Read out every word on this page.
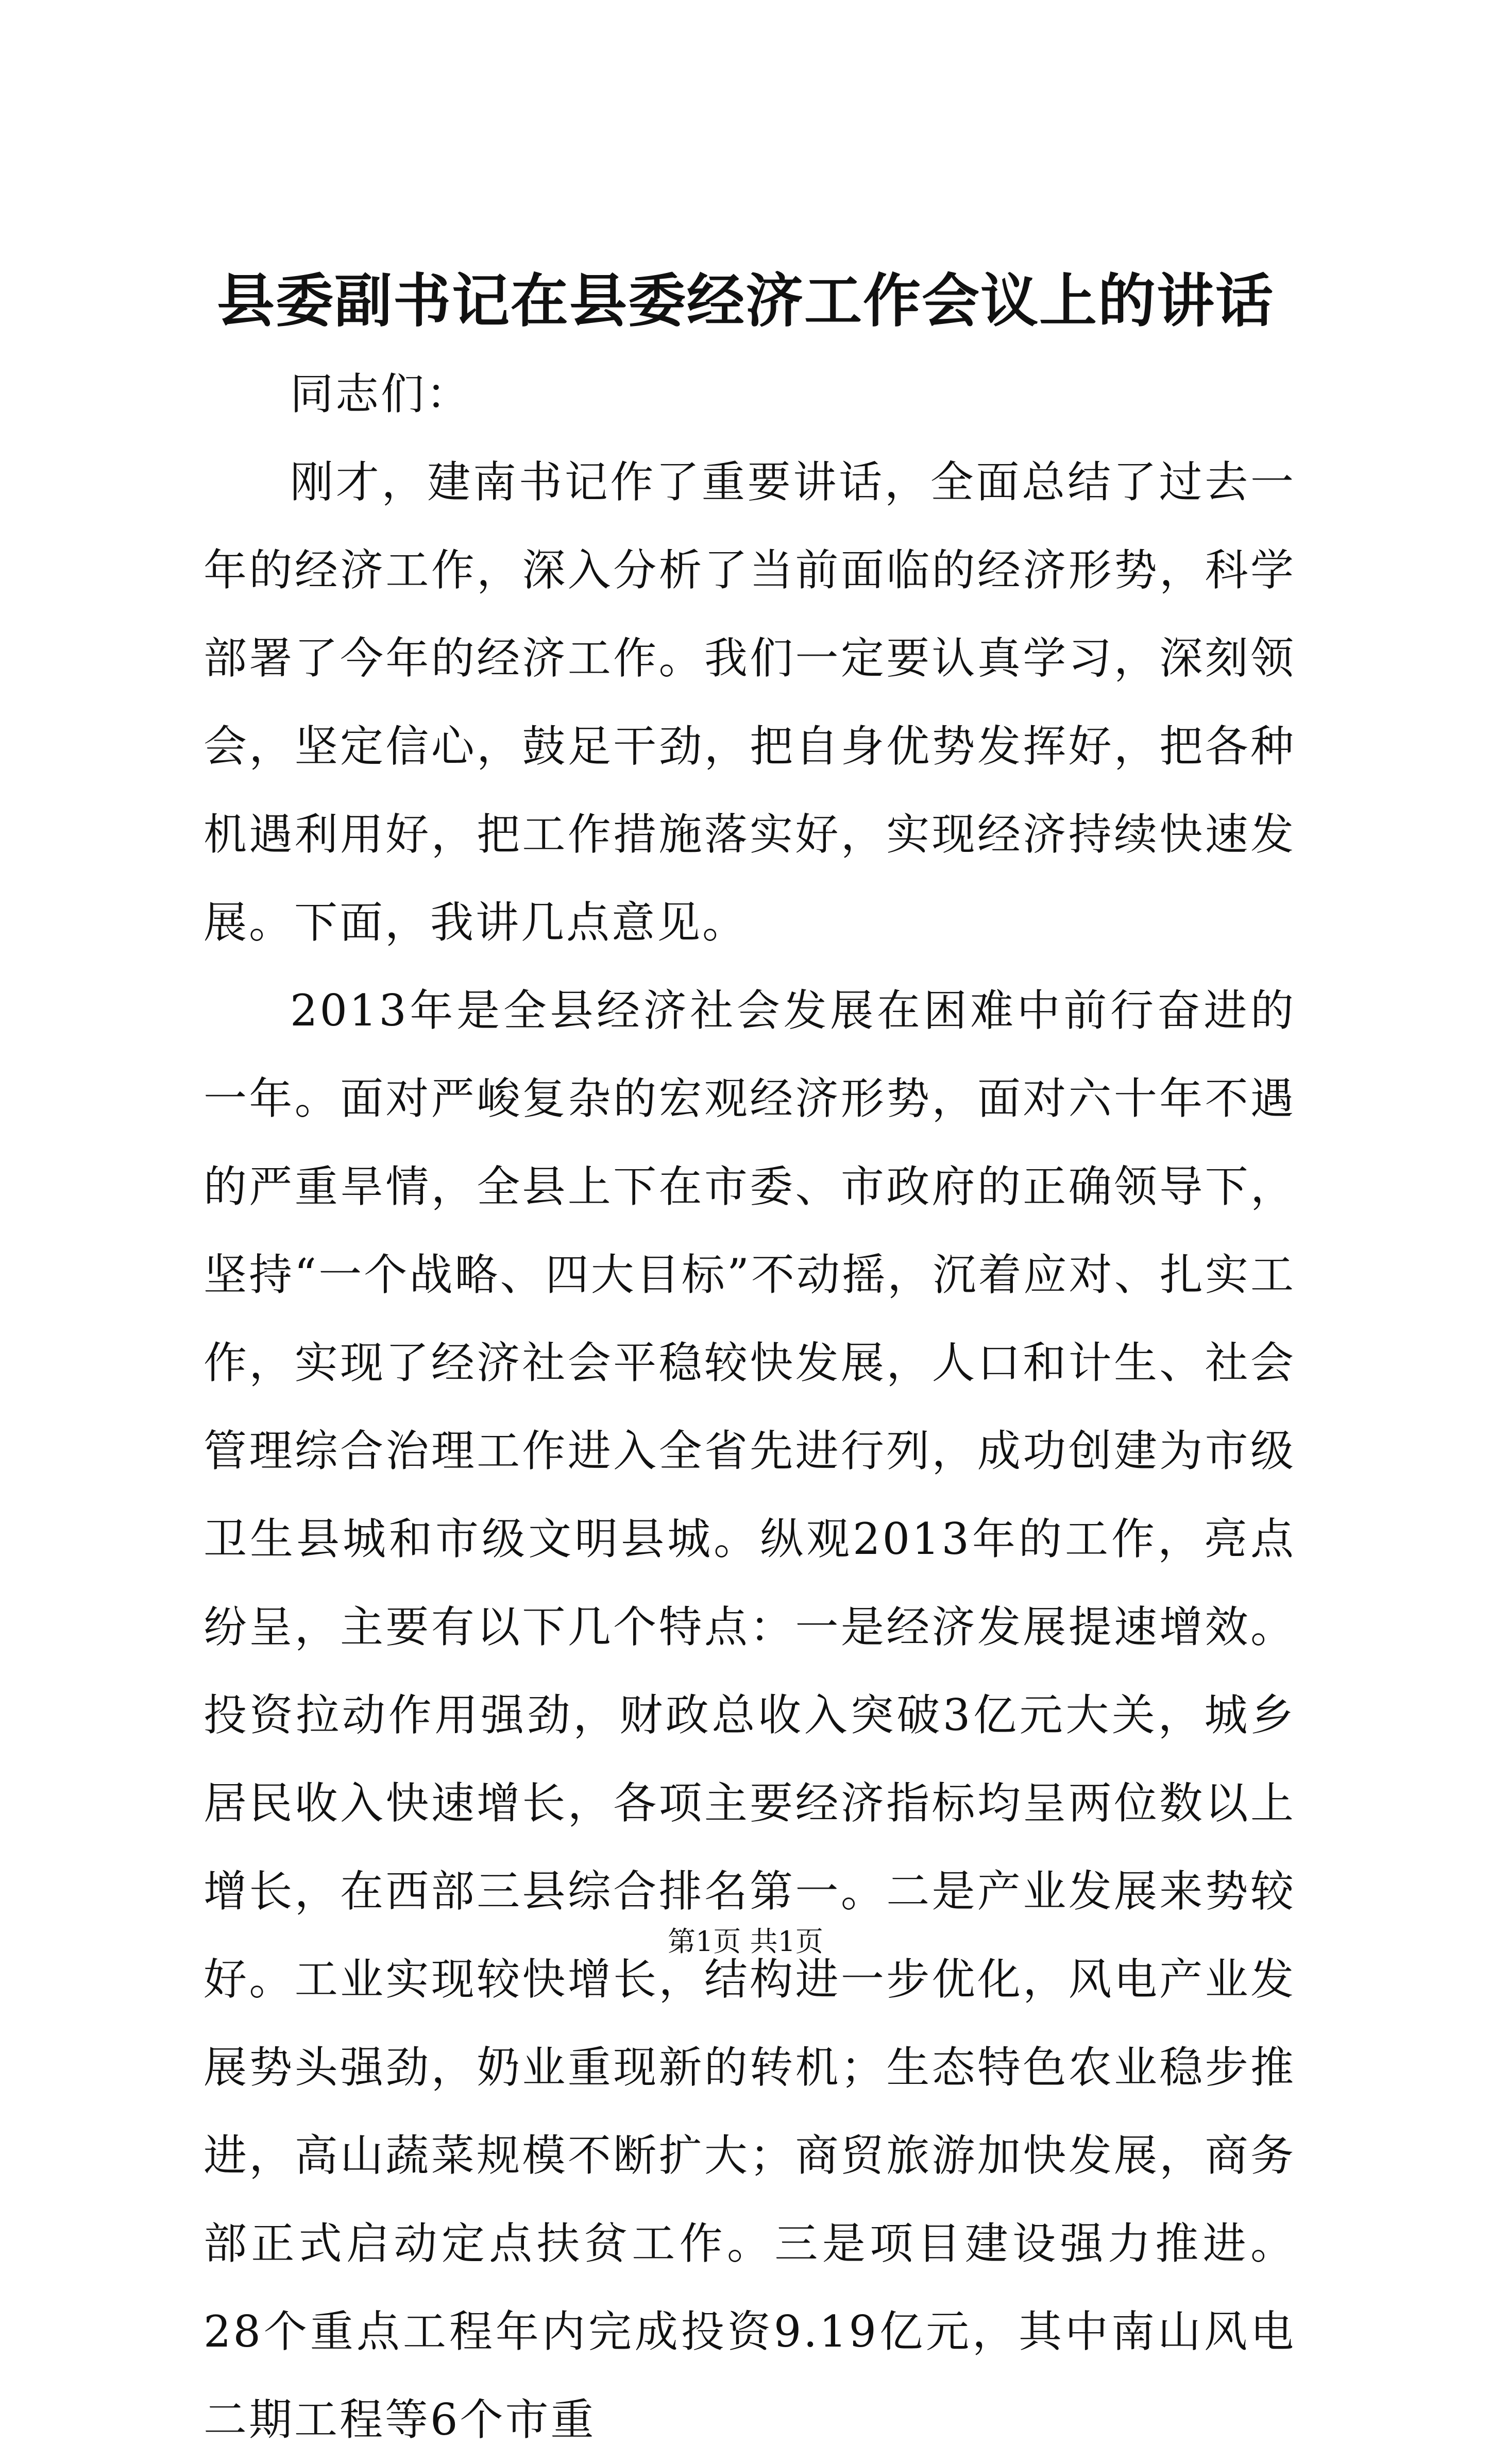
县委副书记在县委经济工作会议上的讲话

同志们：

刚才，建南书记作了重要讲话，全面总结了过去一年的经济工作，深入分析了当前面临的经济形势，科学部署了今年的经济工作。我们一定要认真学习，深刻领会，坚定信心，鼓足干劲，把自身优势发挥好，把各种机遇利用好，把工作措施落实好，实现经济持续快速发展。下面，我讲几点意见。

2013年是全县经济社会发展在困难中前行奋进的一年。面对严峻复杂的宏观经济形势，面对六十年不遇的严重旱情，全县上下在市委、市政府的正确领导下，坚持“一个战略、四大目标”不动摇，沉着应对、扎实工作，实现了经济社会平稳较快发展，人口和计生、社会管理综合治理工作进入全省先进行列，成功创建为市级卫生县城和市级文明县城。纵观2013年的工作，亮点纷呈，主要有以下几个特点：一是经济发展提速增效。投资拉动作用强劲，财政总收入突破3亿元大关，城乡居民收入快速增长，各项主要经济指标均呈两位数以上增长，在西部三县综合排名第一。二是产业发展来势较好。工业实现较快增长，结构进一步优化，风电产业发展势头强劲，奶业重现新的转机；生态特色农业稳步推进，高山蔬菜规模不断扩大；商贸旅游加快发展，商务部正式启动定点扶贫工作。三是项目建设强力推进。28个重点工程年内完成投资9.19亿元，其中南山风电二期工程等6个市重

第1页 共1页
